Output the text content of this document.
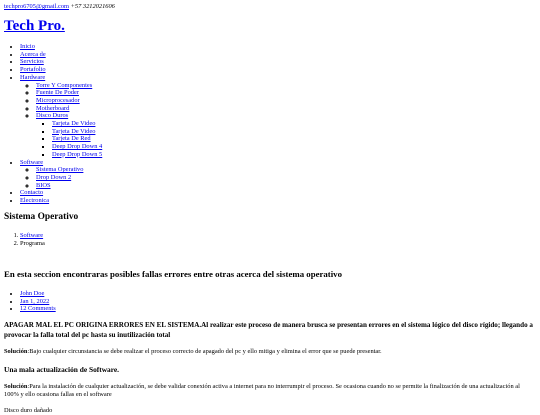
techpro6705@gmail.com +57 3212021606
Tech Pro.
• Inicio
• Acerca de
• Servicios
• Portafolio
• Hardware
◦ Torre Y Componentes
◦ Fuente De Poder
◦ Microprocesador
◦ Motherboard
◦ Disco Duros
▪ Tarjeta De Video
▪ Tarjeta De Video
▪ Tarjeta De Red
▪ Deep Drop Down 4
▪ Deep Drop Down 5
• Software
◦ Sistema Operativo
◦ Drop Down 2
◦ BIOS
• Contacto
• Electronica
Sistema Operativo
1. Software
2. Programa
En esta seccion encontraras posibles fallas errores entre otras acerca del sistema operativo
• John Doe
• Jan 1, 2022
• 12 Comments

APAGAR MAL EL PC ORIGINA ERRORES EN EL SISTEMA.Al realizar este proceso de manera brusca se presentan errores en el sistema lógico del disco rígido; llegando a provocar la falla total del pc hasta su inutilización total

Solución:Bajo cualquier circunstancia se debe realizar el proceso correcto de apagado del pc y ello mitiga y elimina el error que se puede presentar.

Una mala actualización de Software.

Solución:Para la instalación de cualquier actualización, se debe validar conexión activa a internet para no interrumpir el proceso. Se ocasiona cuando no se permite la finalización de una actualización al 100% y ello ocasiona fallas en el software

Disco duro dañado
